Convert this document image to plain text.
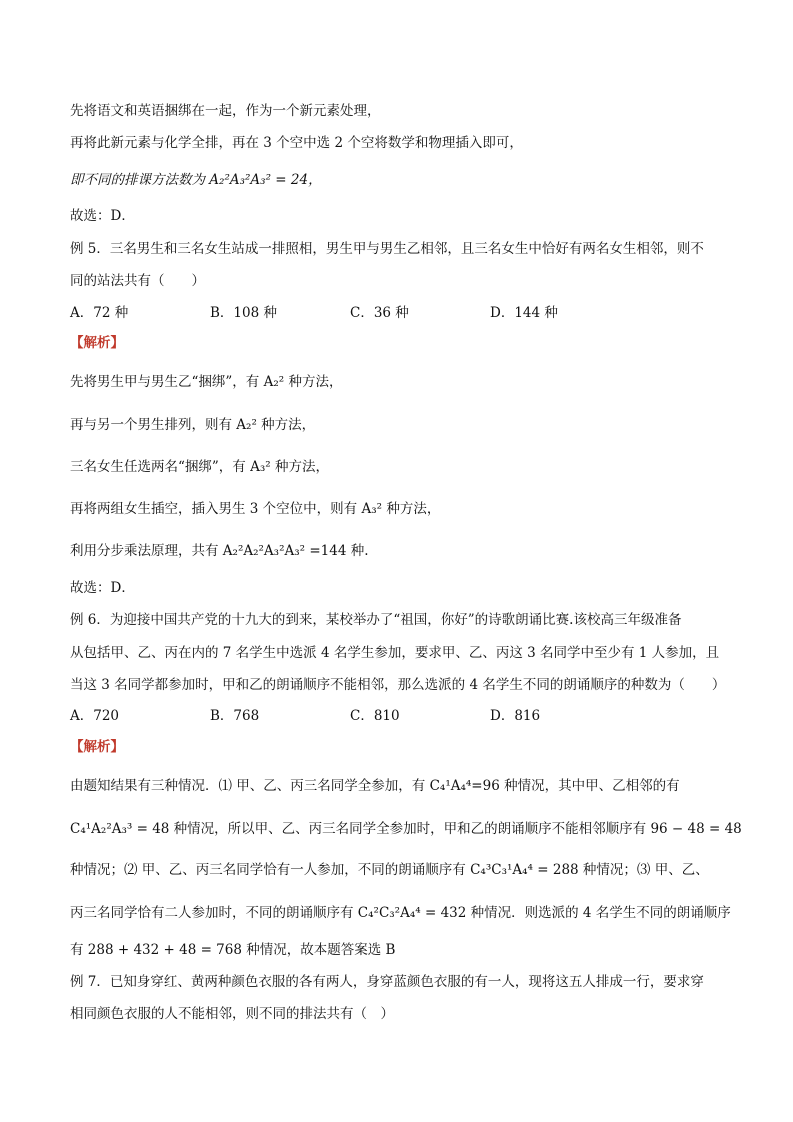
先将语文和英语捆绑在一起，作为一个新元素处理，
再将此新元素与化学全排，再在 3 个空中选 2 个空将数学和物理插入即可，
即不同的排课方法数为 A₂²A₃²A₃² = 24，
故选：D．
例 5．三名男生和三名女生站成一排照相，男生甲与男生乙相邻，且三名女生中恰好有两名女生相邻，则不
同的站法共有（　　）
A．72 种	B．108 种	C．36 种	D．144 种
【解析】
先将男生甲与男生乙“捆绑”，有 A₂² 种方法，
再与另一个男生排列，则有 A₂² 种方法，
三名女生任选两名“捆绑”，有 A₃² 种方法，
再将两组女生插空，插入男生 3 个空位中，则有 A₃² 种方法，
利用分步乘法原理，共有 A₂²A₂²A₃²A₃² =144 种.
故选：D．
例 6．为迎接中国共产党的十九大的到来，某校举办了“祖国，你好”的诗歌朗诵比赛.该校高三年级准备
从包括甲、乙、丙在内的 7 名学生中选派 4 名学生参加，要求甲、乙、丙这 3 名同学中至少有 1 人参加，且
当这 3 名同学都参加时，甲和乙的朗诵顺序不能相邻，那么选派的 4 名学生不同的朗诵顺序的种数为（　　）
A．720	B．768	C．810	D．816
【解析】
由题知结果有三种情况．⑴ 甲、乙、丙三名同学全参加，有 C₄¹A₄⁴=96 种情况，其中甲、乙相邻的有
C₄¹A₂²A₃³ = 48 种情况，所以甲、乙、丙三名同学全参加时，甲和乙的朗诵顺序不能相邻顺序有 96 − 48 = 48
种情况；⑵ 甲、乙、丙三名同学恰有一人参加，不同的朗诵顺序有 C₄³C₃¹A₄⁴ = 288 种情况；⑶ 甲、乙、
丙三名同学恰有二人参加时，不同的朗诵顺序有 C₄²C₃²A₄⁴ = 432 种情况．则选派的 4 名学生不同的朗诵顺序
有 288 + 432 + 48 = 768 种情况，故本题答案选 B
例 7．已知身穿红、黄两种颜色衣服的各有两人，身穿蓝颜色衣服的有一人，现将这五人排成一行，要求穿
相同颜色衣服的人不能相邻，则不同的排法共有（　）
